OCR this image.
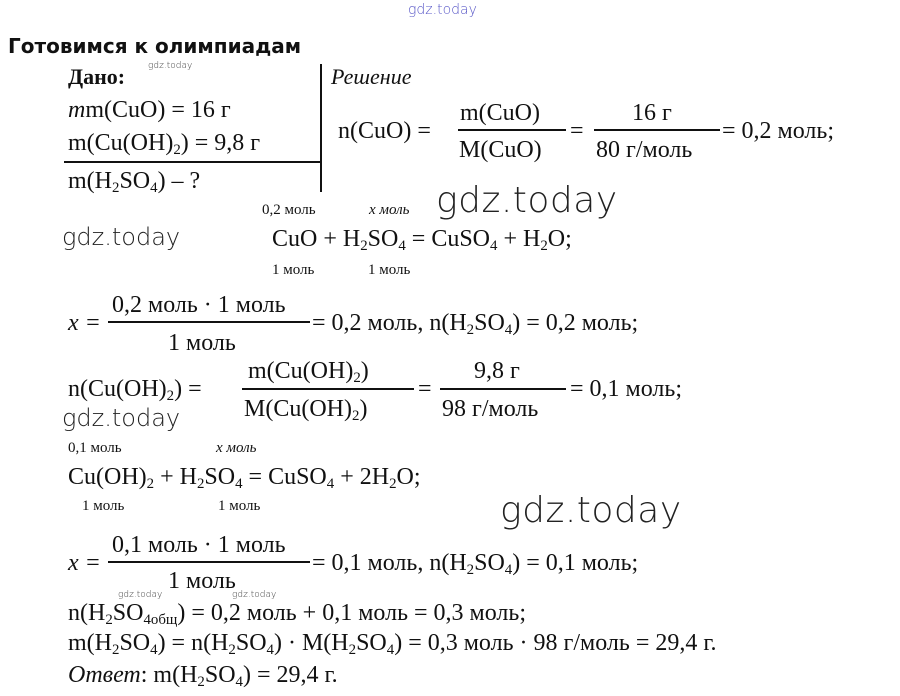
gdz.today
Готовимся к олимпиадам
Дано:	gdz.today
mm(CuO) = 16 г
$m(Cu(OH)_2) = 9,8$ г
$m(H_2SO_4)$ – ?
Решение
n(CuO) =
m(CuO)
M(CuO)
=
16 г
80 г/моль
= 0,2 моль;
0,2 моль	x моль gdz.today
gdz.today	CuO + $H_2SO_4$ = CuSO$_4$ + $H_2O$;
1 моль	1 моль
x =
0,2 моль · 1 моль
1 моль
= 0,2 моль, $n(H_2SO_4) = 0,2$ моль;
$n(Cu(OH)_2)$ =
$m(Cu(OH)_2)$
$M(Cu(OH)_2)$
=
9,8 г
98 г/моль
= 0,1 моль;
gdz.today
0,1 моль	x моль
$Cu(OH)_2 + H_2SO_4$ = CuSO$_4$ + $2H_2O$;
1 моль	1 моль	gdz.today
x =
0,1 моль · 1 моль
1 моль
= 0,1 моль, $n(H_2SO_4) = 0,1$ моль;
gdz.today	gdz.today
$n(H_2SO_{4общ}) = 0,2$ моль + 0,1 моль = 0,3 моль;
$m(H_2SO_4) = n(H_2SO_4) \cdot M(H_2SO_4) = 0,3$ моль · 98 г/моль = 29,4 г.
Ответ: $m(H_2SO_4) = 29,4$ г.
